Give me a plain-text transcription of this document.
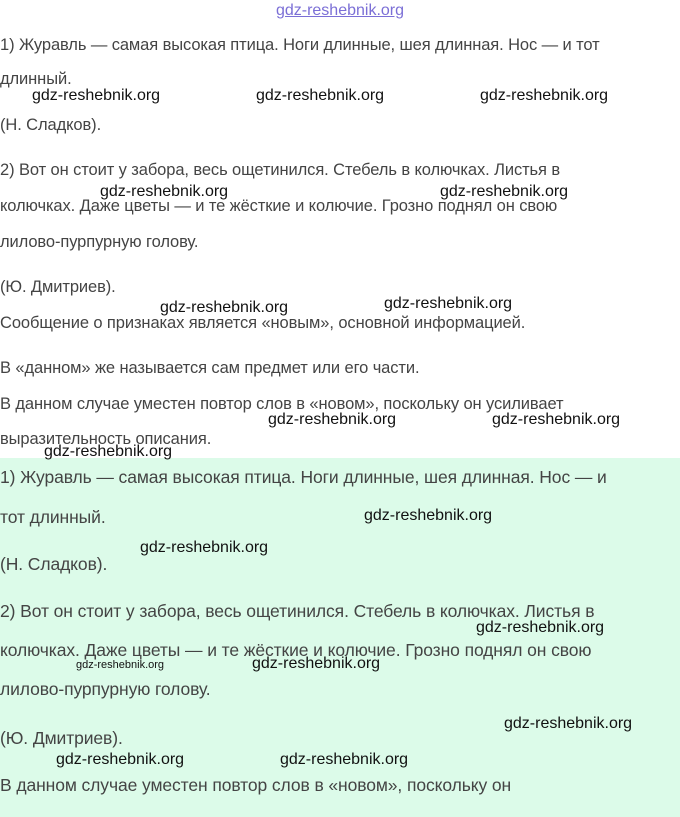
gdz-reshebnik.org

1) Журавль — самая высокая птица. Ноги длинные, шея длинная. Нос — и тот

длинный.

(Н. Сладков).

2) Вот он стоит у забора, весь ощетинился. Стебель в колючках. Листья в

колючках. Даже цветы — и те жёсткие и колючие. Грозно поднял он свою

лилово-пурпурную голову.

(Ю. Дмитриев).

Сообщение о признаках является «новым», основной информацией.

В «данном» же называется сам предмет или его части.

В данном случае уместен повтор слов в «новом», поскольку он усиливает

выразительность описания.

1) Журавль — самая высокая птица. Ноги длинные, шея длинная. Нос — и

тот длинный.

(Н. Сладков).

2) Вот он стоит у забора, весь ощетинился. Стебель в колючках. Листья в

колючках. Даже цветы — и те жёсткие и колючие. Грозно поднял он свою

лилово-пурпурную голову.

(Ю. Дмитриев).

В данном случае уместен повтор слов в «новом», поскольку он

gdz-reshebnik.org	gdz-reshebnik.org	gdz-reshebnik.org
gdz-reshebnik.org	gdz-reshebnik.org
gdz-reshebnik.org	gdz-reshebnik.org
gdz-reshebnik.org	gdz-reshebnik.org
gdz-reshebnik.org
gdz-reshebnik.org
gdz-reshebnik.org
gdz-reshebnik.org
gdz-reshebnik.org	gdz-reshebnik.org
gdz-reshebnik.org
gdz-reshebnik.org	gdz-reshebnik.org
